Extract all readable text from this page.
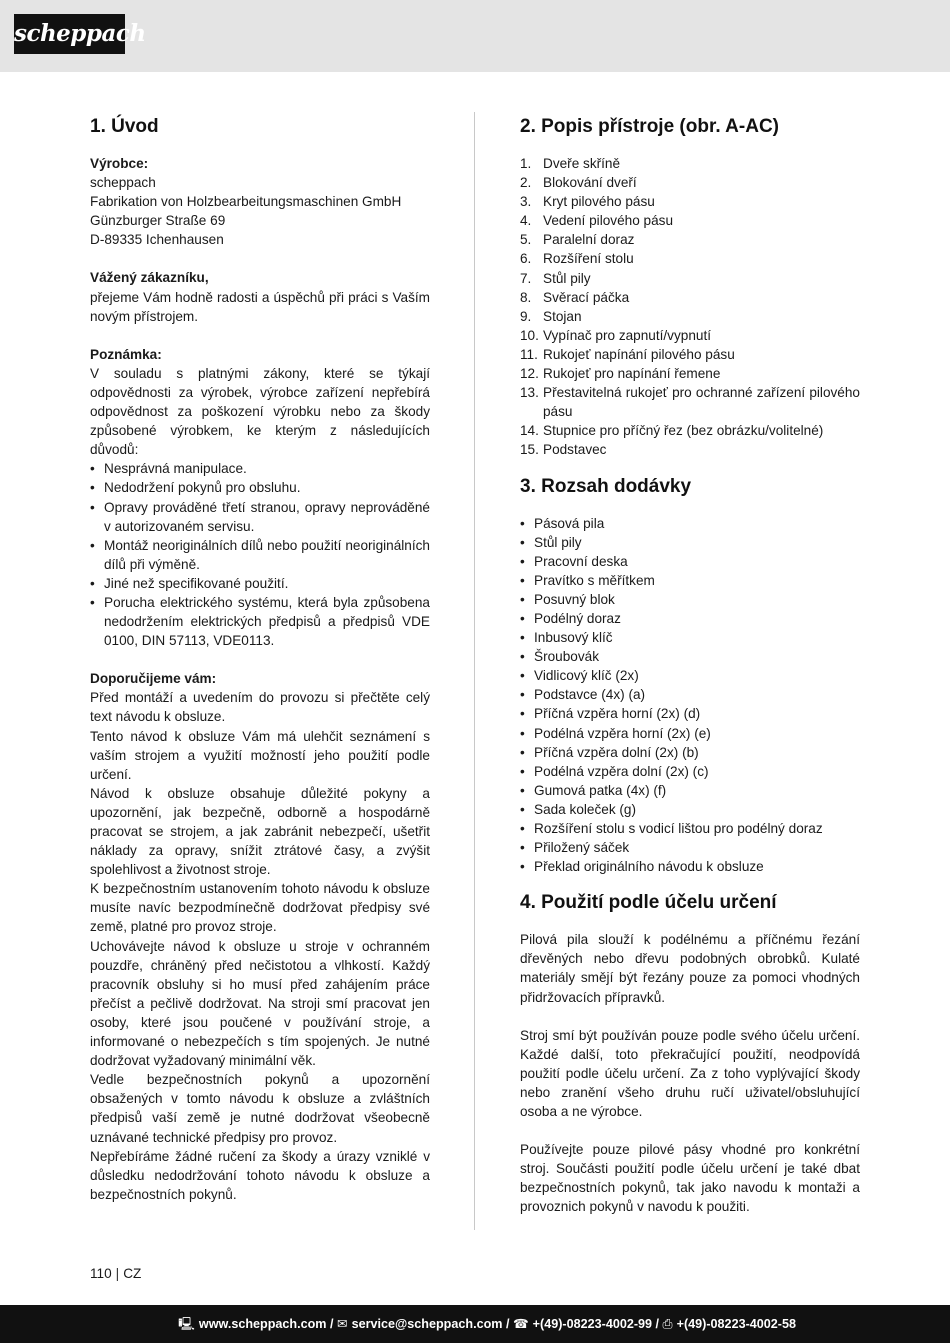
scheppach
1. Úvod

Výrobce:

scheppach

Fabrikation von Holzbearbeitungsmaschinen GmbH

Günzburger Straße 69

D-89335 Ichenhausen

Vážený zákazníku,

přejeme Vám hodně radosti a úspěchů při práci s Vaším novým přístrojem.

Poznámka:

V souladu s platnými zákony, které se týkají odpovědnosti za výrobek, výrobce zařízení nepřebírá odpovědnost za poškození výrobku nebo za škody způsobené výrobkem, ke kterým z následujících důvodů:

• Nesprávná manipulace.
• Nedodržení pokynů pro obsluhu.
• Opravy prováděné třetí stranou, opravy neprováděné v autorizovaném servisu.
• Montáž neoriginálních dílů nebo použití neoriginálních dílů při výměně.
• Jiné než specifikované použití.
• Porucha elektrického systému, která byla způsobena nedodržením elektrických předpisů a předpisů VDE 0100, DIN 57113, VDE0113.

Doporučijeme vám:

Před montáží a uvedením do provozu si přečtěte celý text návodu k obsluze.

Tento návod k obsluze Vám má ulehčit seznámení s vaším strojem a využití možností jeho použití podle určení.

Návod k obsluze obsahuje důležité pokyny a upozornění, jak bezpečně, odborně a hospodárně pracovat se strojem, a jak zabránit nebezpečí, ušetřit náklady za opravy, snížit ztrátové časy, a zvýšit spolehlivost a životnost stroje.

K bezpečnostním ustanovením tohoto návodu k obsluze musíte navíc bezpodmínečně dodržovat předpisy své země, platné pro provoz stroje.

Uchovávejte návod k obsluze u stroje v ochranném pouzdře, chráněný před nečistotou a vlhkostí. Každý pracovník obsluhy si ho musí před zahájením práce přečíst a pečlivě dodržovat. Na stroji smí pracovat jen osoby, které jsou poučené v používání stroje, a informované o nebezpečích s tím spojených. Je nutné dodržovat vyžadovaný minimální věk.

Vedle bezpečnostních pokynů a upozornění obsažených v tomto návodu k obsluze a zvláštních předpisů vaší země je nutné dodržovat všeobecně uznávané technické předpisy pro provoz.

Nepřebíráme žádné ručení za škody a úrazy vzniklé v důsledku nedodržování tohoto návodu k obsluze a bezpečnostních pokynů.

2. Popis přístroje (obr. A-AC)
1. Dveře skříně
2. Blokování dveří
3. Kryt pilového pásu
4. Vedení pilového pásu
5. Paralelní doraz
6. Rozšíření stolu
7. Stůl pily
8. Svěrací páčka
9. Stojan
10. Vypínač pro zapnutí/vypnutí
11. Rukojeť napínání pilového pásu
12. Rukojeť pro napínání řemene
13. Přestavitelná rukojeť pro ochranné zařízení pilového pásu
14. Stupnice pro příčný řez (bez obrázku/volitelné)
15. Podstavec
3. Rozsah dodávky
• Pásová pila
• Stůl pily
• Pracovní deska
• Pravítko s měřítkem
• Posuvný blok
• Podélný doraz
• Inbusový klíč
• Šroubovák
• Vidlicový klíč (2x)
• Podstavce (4x) (a)
• Příčná vzpěra horní (2x) (d)
• Podélná vzpěra horní (2x) (e)
• Příčná vzpěra dolní (2x) (b)
• Podélná vzpěra dolní (2x) (c)
• Gumová patka (4x) (f)
• Sada koleček (g)
• Rozšíření stolu s vodicí lištou pro podélný doraz
• Přiložený sáček
• Překlad originálního návodu k obsluze
4. Použití podle účelu určení

Pilová pila slouží k podélnému a příčnému řezání dřevěných nebo dřevu podobných obrobků. Kulaté materiály smějí být řezány pouze za pomoci vhodných přidržovacích přípravků.

Stroj smí být používán pouze podle svého účelu určení. Každé další, toto překračující použití, neodpovídá použití podle účelu určení. Za z toho vyplývající škody nebo zranění všeho druhu ručí uživatel/obsluhující osoba a ne výrobce.

Používejte pouze pilové pásy vhodné pro konkrétní stroj. Součásti použití podle účelu určení je také dbat bezpečnostních pokynů, tak jako navodu k montaži a provoznich pokynů v navodu k použiti.

110 | CZ
🖳 www.scheppach.com / ✉ service@scheppach.com / ☎ +(49)-08223-4002-99 / ⎙ +(49)-08223-4002-58
